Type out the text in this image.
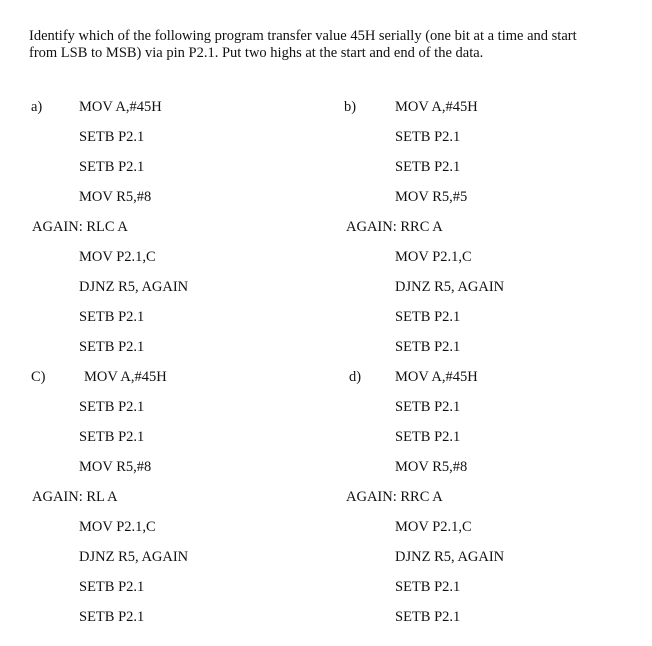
Identify which of the following program transfer value 45H serially (one bit at a time and start
from LSB to MSB) via pin P2.1. Put two highs at the start and end of the data.
a)	MOV A,#45H
SETB P2.1
SETB P2.1
MOV R5,#8
AGAIN: RLC A
MOV P2.1,C
DJNZ R5, AGAIN
SETB P2.1
SETB P2.1
b)	MOV A,#45H
SETB P2.1
SETB P2.1
MOV R5,#5
AGAIN: RRC A
MOV P2.1,C
DJNZ R5, AGAIN
SETB P2.1
SETB P2.1
C)	MOV A,#45H
SETB P2.1
SETB P2.1
MOV R5,#8
AGAIN: RL A
MOV P2.1,C
DJNZ R5, AGAIN
SETB P2.1
SETB P2.1
d) MOV A,#45H
SETB P2.1
SETB P2.1
MOV R5,#8
AGAIN: RRC A
MOV P2.1,C
DJNZ R5, AGAIN
SETB P2.1
SETB P2.1
